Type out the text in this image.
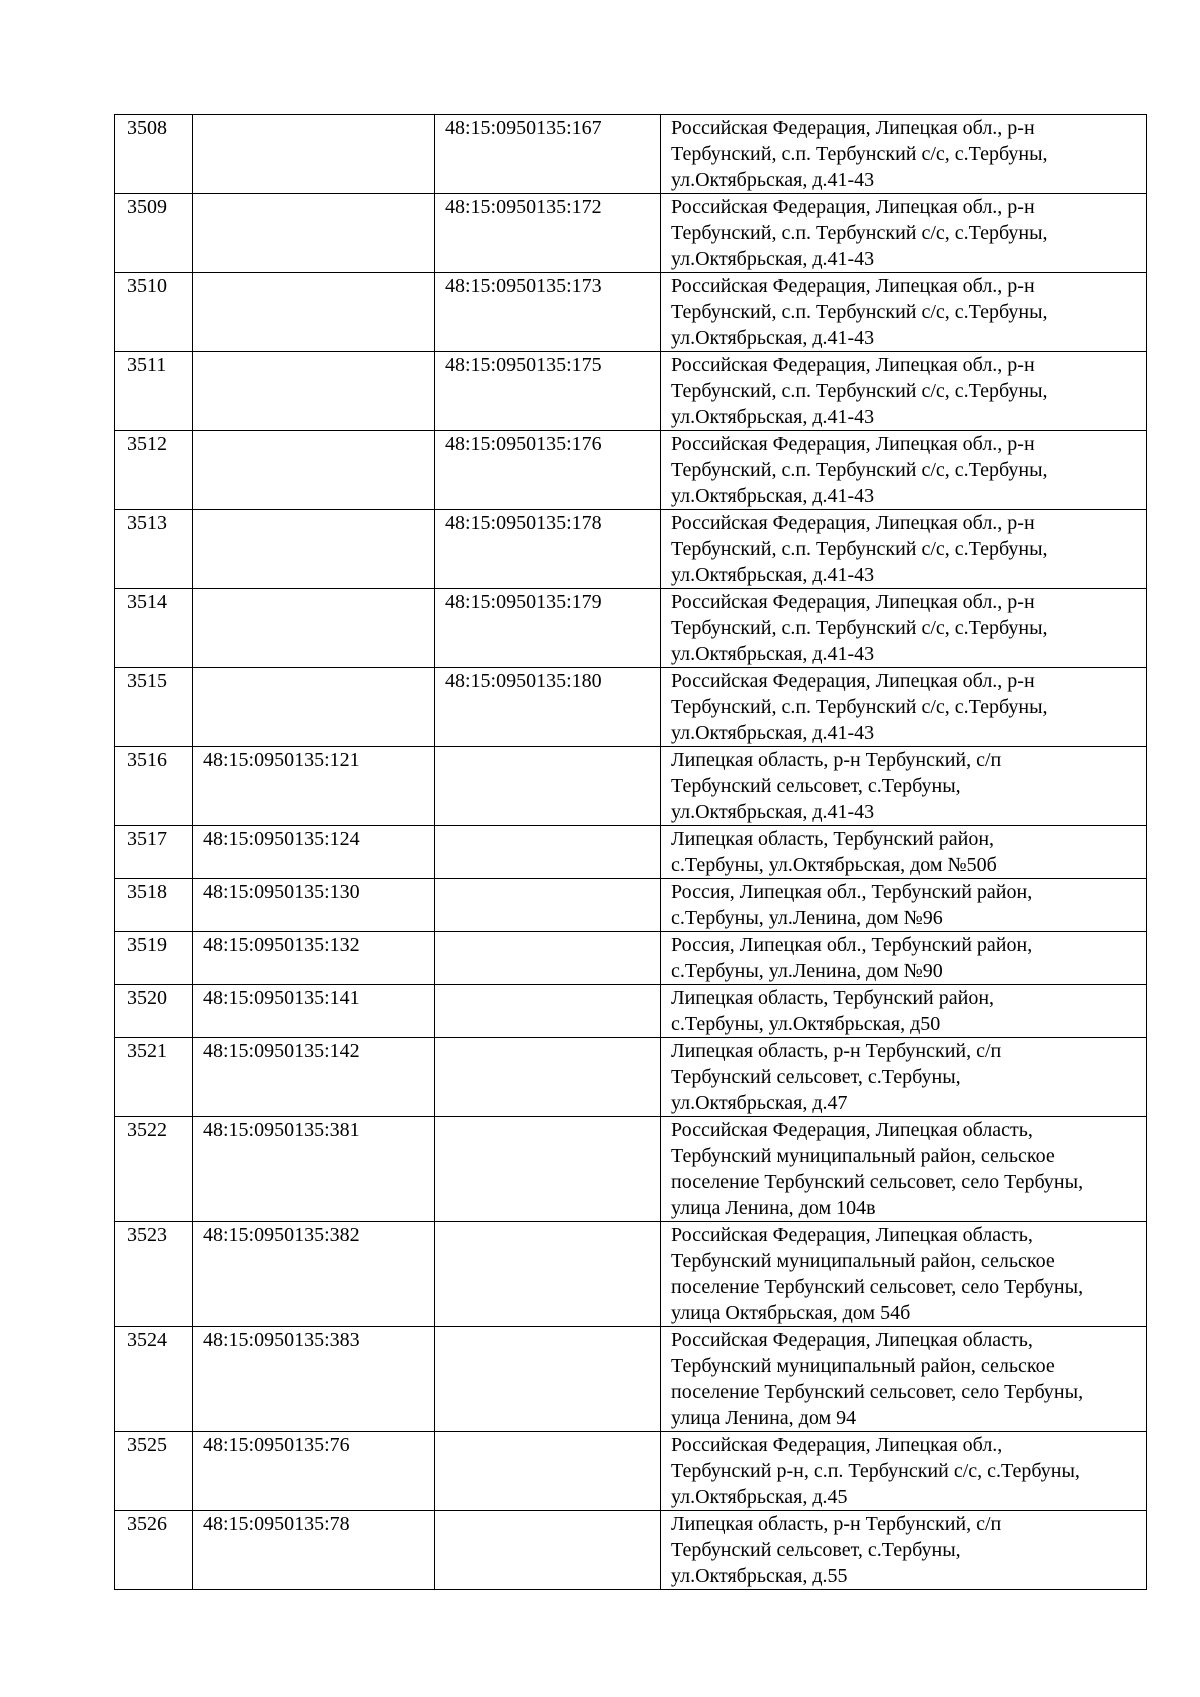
3508		48:15:0950135:167	Российская Федерация, Липецкая обл., р-н
Тербунский, с.п. Тербунский с/с, с.Тербуны,
ул.Октябрьская, д.41-43

3509		48:15:0950135:172	Российская Федерация, Липецкая обл., р-н
Тербунский, с.п. Тербунский с/с, с.Тербуны,
ул.Октябрьская, д.41-43

3510		48:15:0950135:173	Российская Федерация, Липецкая обл., р-н
Тербунский, с.п. Тербунский с/с, с.Тербуны,
ул.Октябрьская, д.41-43

3511		48:15:0950135:175	Российская Федерация, Липецкая обл., р-н
Тербунский, с.п. Тербунский с/с, с.Тербуны,
ул.Октябрьская, д.41-43

3512		48:15:0950135:176	Российская Федерация, Липецкая обл., р-н
Тербунский, с.п. Тербунский с/с, с.Тербуны,
ул.Октябрьская, д.41-43

3513		48:15:0950135:178	Российская Федерация, Липецкая обл., р-н
Тербунский, с.п. Тербунский с/с, с.Тербуны,
ул.Октябрьская, д.41-43

3514		48:15:0950135:179	Российская Федерация, Липецкая обл., р-н
Тербунский, с.п. Тербунский с/с, с.Тербуны,
ул.Октябрьская, д.41-43

3515		48:15:0950135:180	Российская Федерация, Липецкая обл., р-н
Тербунский, с.п. Тербунский с/с, с.Тербуны,
ул.Октябрьская, д.41-43

3516	48:15:0950135:121		Липецкая область, р-н Тербунский, с/п
Тербунский сельсовет, с.Тербуны,
ул.Октябрьская, д.41-43

3517	48:15:0950135:124		Липецкая область, Тербунский район,
с.Тербуны, ул.Октябрьская, дом №50б

3518	48:15:0950135:130		Россия, Липецкая обл., Тербунский район,
с.Тербуны, ул.Ленина, дом №96

3519	48:15:0950135:132		Россия, Липецкая обл., Тербунский район,
с.Тербуны, ул.Ленина, дом №90

3520	48:15:0950135:141		Липецкая область, Тербунский район,
с.Тербуны, ул.Октябрьская, д50

3521	48:15:0950135:142		Липецкая область, р-н Тербунский, с/п
Тербунский сельсовет, с.Тербуны,
ул.Октябрьская, д.47

3522	48:15:0950135:381		Российская Федерация, Липецкая область,
Тербунский муниципальный район, сельское
поселение Тербунский сельсовет, село Тербуны,
улица Ленина, дом 104в

3523	48:15:0950135:382		Российская Федерация, Липецкая область,
Тербунский муниципальный район, сельское
поселение Тербунский сельсовет, село Тербуны,
улица Октябрьская, дом 54б

3524	48:15:0950135:383		Российская Федерация, Липецкая область,
Тербунский муниципальный район, сельское
поселение Тербунский сельсовет, село Тербуны,
улица Ленина, дом 94

3525	48:15:0950135:76		Российская Федерация, Липецкая обл.,
Тербунский р-н, с.п. Тербунский с/с, с.Тербуны,
ул.Октябрьская, д.45

3526	48:15:0950135:78		Липецкая область, р-н Тербунский, с/п
Тербунский сельсовет, с.Тербуны,
ул.Октябрьская, д.55
